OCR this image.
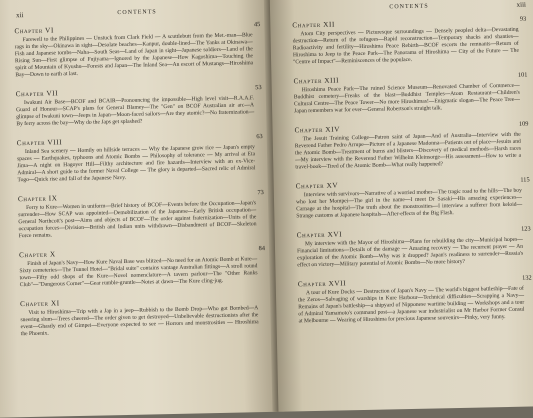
xii	CONTENTS
Chapter VI
45
Farewell to the Philippines — Unstuck from Clark Field — A scuttlebutt from the Met.-man—Blue rags in the sky—Okinawa in sight—Desolate beaches—Kanpur, double-lined—The Yanks at Okinawa—Fish and Japanese tombs—Naha—South Seas—Land of Japan in sight—Japanese soldiers—Land of the Rising Sun—First glimpse of Fujiyama—Ignored by the Japanese—How Kagoshima—Touching the spirit of Mountain of Kyushu—Forests and Japan—The Inland Sea—An escort of Mustangs—Hiroshima Bay—Down to earth at last.
Chapter VII
53
Iwakuni Air Base—BCOF and BCAIR—Pronouncing the impossible—High level visit—R.A.A.F. Guard of Honour—SCAP's plans for General Blamey—The "Gen" on BCOF Australian air arc—A glimpse of Iwakuni town—Jeeps in Japan—Moon-faced sailors—Are they atomic?—No fraternization—By ferry across the bay—Why do the Japs get splashed?
Chapter VIII
63
Inland Sea scenery — Homily on hillside terraces — Why the Japanese grow rice — Japan's empty spaces — Earthquakes, typhoons and Atomic Bombs — Philosophy of tolerance — My arrival at Eta Jima—A night on Hagoyer Hill—Filthy architecture and fire hazards—Interview with an ex-Vice-Admiral—A short guide to the former Naval College — The glory is departed—Sacred relic of Admiral Togo—Quick rise and fall of the Japanese Navy.
Chapter IX
73
Ferry to Kure—Women in uniform—Brief history of BCOF—Events before the Occupation—Japan's surrender—How SCAP was appointed—Demobilization of the Japanese—Early British occupation—General Northcott's post—Aims and objects of BCOF—The order against fraternization—Units of the occupation forces—Division—British and Indian units withdrawn—Disbandment of BCOF—Skeleton Force remains.
Chapter X
84
Finish of Japan's Navy—How Kure Naval Base was blitzed—No need for an Atomic Bomb at Kure—Sixty cemeteries—The Tunnel Hotel—"Bridal suite" contains vantage Australian fittings—A stroll round town—Fifty odd shops of the Kure—Novel nomenclature—A tavern parlour—The "Other Ranks Club"—"Dangerous Corner"—Gear rumble-gruntle—Notes at dawn—The Kure cling-jug.
Chapter XI
Visit to Hiroshima—Trip with a Jap in a jeep—Rubbish to the Bomb Drop—Who got Bombed—A sneering slum—Trees cheered—The order given to get destroyed—Unbelievable destructionists after the event—Ghastly end of Gimpei—Everyone expected to see — Horrors and monstrosities — Hiroshima the Phoenix.
CONTENTS	xiii
Chapter XII
93
Atom City perspectives — Picturesque surroundings — Densely peopled delta—Devastating destruction—Return of the refugees—Rapid reconstruction—Temporary shacks and shanties—Radioactivity and fertility—Hiroshima Peace Rebirth—BCOF escorts the remnants—Return of Hiroshima to Jeep to the Peace Park—The Panorama of Hiroshima — City of the Future — The "Centre of Impact"—Reminiscences of the populace.
Chapter XIII
101
Hiroshima Peace Park—The ruined Science Museum—Renovated Chamber of Commerce—Buddhist cemetery—Freaks of the blast—Buddhist Temples—Atom Restaurant—Children's Cultural Centre—The Peace Tower—No more Hiroshimas!—Enigmatic slogan—The Peace Tree—Japan remembers war for ever—General Robertson's straight talk.
Chapter XIV
109
The Jesuit Training College—Patron saint of Japan—And of Australia—Interview with the Reverend Father Pedro Arrupe—Picture of a Japanese Madonna—Patients out of place—Jesuits and the Atomic Bomb—Treatment of burns and blisters—Discovery of medical methods—Harsh races—My interview with the Reverend Father Wilhelm Kleinsorge—His assessment—How to write a travel-book—Tired of the Atomic Bomb—What really happened?
Chapter XV
115
Interview with survivors—Narrative of a worried mother—The tragic road to the hills—The boy who lost her Mompei—The girl in the name—I meet Dr Sasaki—His amazing experiences—Carnage at the hospital—The truth about the monstrosities—I interview a sufferer from keloid—Strange customs at Japanese hospitals—After-effects of the Big Flash.
Chapter XVI
123
My interview with the Mayor of Hiroshima—Plans for rebuilding the city—Municipal hopes—Financial limitations—Details of the damage — Amazing recovery — The recurrent prayer — An exploration of the Atomic Bomb—Why was it dropped? Japan's readiness to surrender—Russia's effect on victory—Military potential of Atomic Bombs—No more history?
Chapter XVII
132
A tour of Kure Docks — Destruction of Japan's Navy — The world's biggest battleship—Fate of the Zeros—Salvaging of warships in Kure Harbour—Technical difficulties—Scrapping a Navy—Remains of Japan's battleship—a shipyard of Nipponese wartime building — Workshops and a tour of Admiral Yamamoto's command post—a Japanese war industrialist on Mr Harbor Former Consul at Melbourne — Wearing of Hiroshima for precious Japanese souvenirs—Pinky, very funny.
